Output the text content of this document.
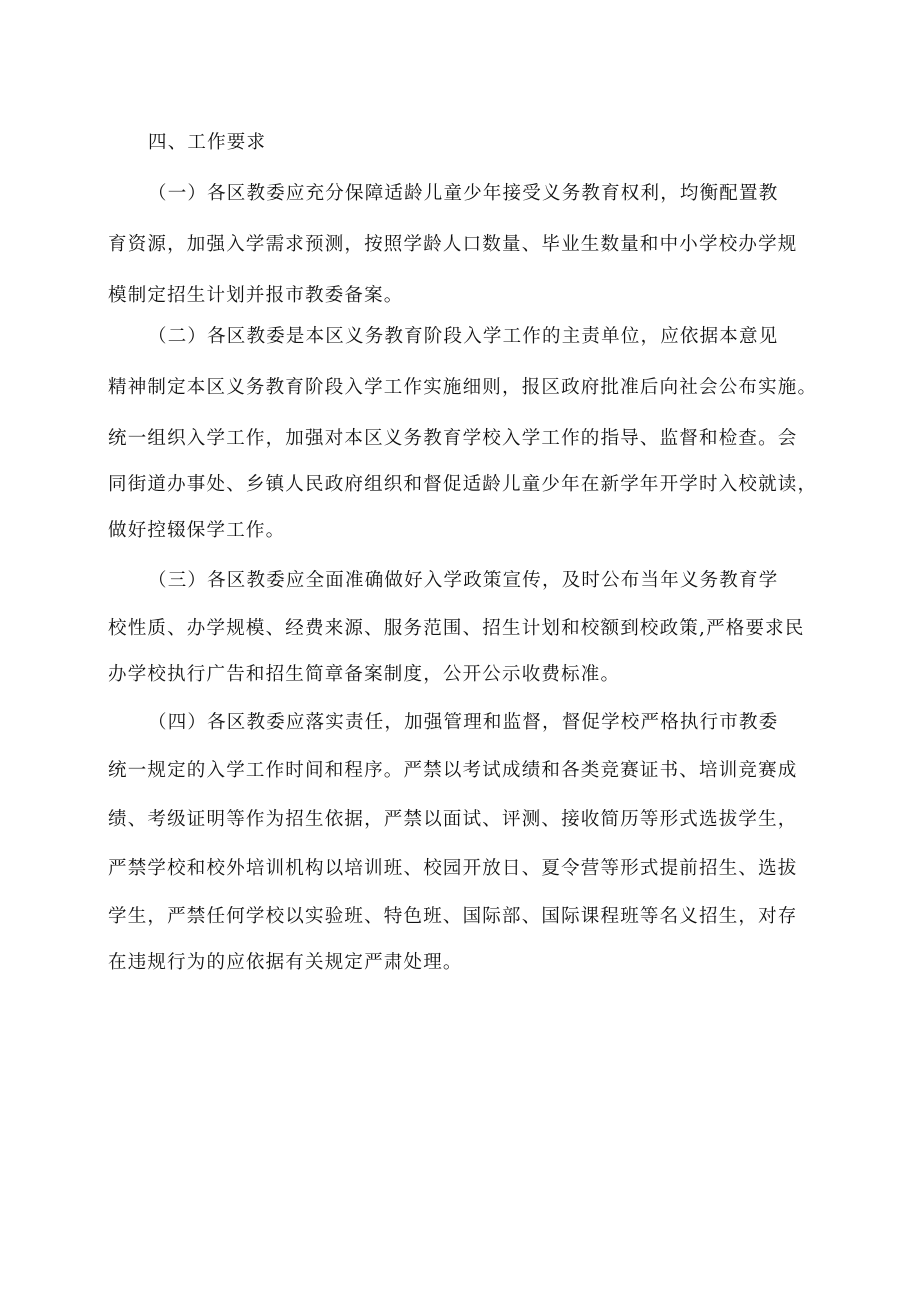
四、工作要求
（一）各区教委应充分保障适龄儿童少年接受义务教育权利，均衡配置教
育资源，加强入学需求预测，按照学龄人口数量、毕业生数量和中小学校办学规
模制定招生计划并报市教委备案。
（二）各区教委是本区义务教育阶段入学工作的主责单位，应依据本意见
精神制定本区义务教育阶段入学工作实施细则，报区政府批准后向社会公布实施。
统一组织入学工作，加强对本区义务教育学校入学工作的指导、监督和检查。会
同街道办事处、乡镇人民政府组织和督促适龄儿童少年在新学年开学时入校就读，
做好控辍保学工作。
（三）各区教委应全面准确做好入学政策宣传，及时公布当年义务教育学
校性质、办学规模、经费来源、服务范围、招生计划和校额到校政策,严格要求民
办学校执行广告和招生简章备案制度，公开公示收费标准。
（四）各区教委应落实责任，加强管理和监督，督促学校严格执行市教委
统一规定的入学工作时间和程序。严禁以考试成绩和各类竞赛证书、培训竞赛成
绩、考级证明等作为招生依据，严禁以面试、评测、接收简历等形式选拔学生，
严禁学校和校外培训机构以培训班、校园开放日、夏令营等形式提前招生、选拔
学生，严禁任何学校以实验班、特色班、国际部、国际课程班等名义招生，对存
在违规行为的应依据有关规定严肃处理。
